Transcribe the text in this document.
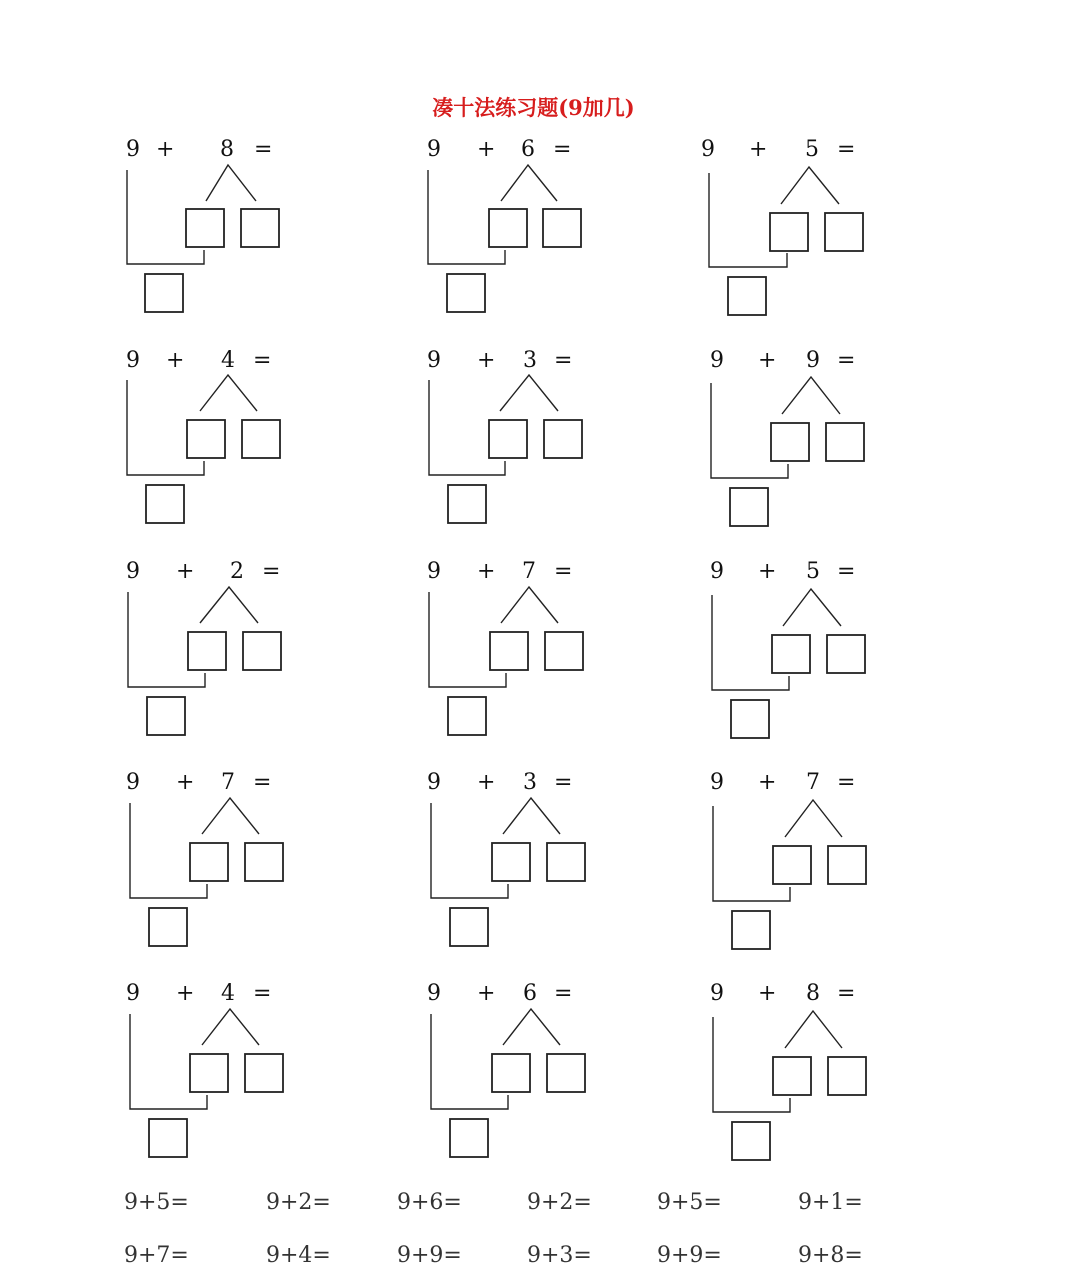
凑十法练习题(9加几)
9 + 8 =	9 + 6 =	9 + 5 =
9 + 4 =	9 + 3 =	9 + 9 =
9 + 2 =	9 + 7 =	9 + 5 =
9 + 7 =	9 + 3 =	9 + 7 =
9 + 4 =	9 + 6 =	9 + 8 =
9+5=	9+2=	9+6=	9+2=	9+5=	9+1=
9+7=	9+4=	9+9=	9+3=	9+9=	9+8=
